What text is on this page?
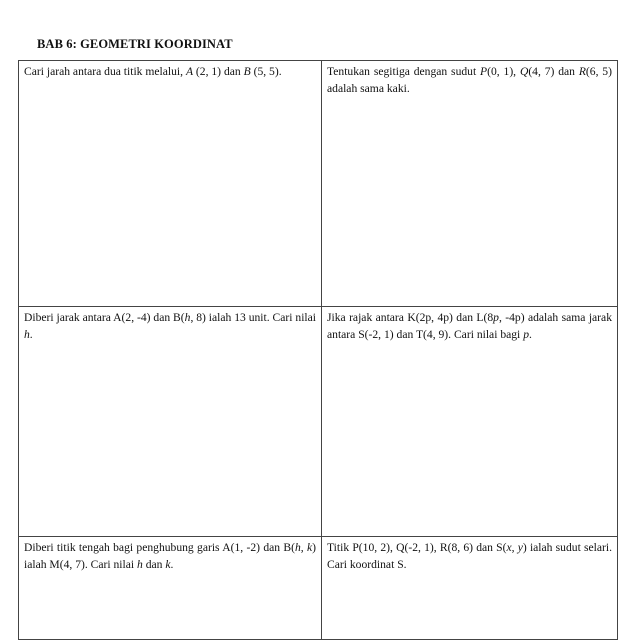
BAB 6: GEOMETRI KOORDINAT
Cari jarah antara dua titik melalui, A (2, 1) dan B (5, 5).	Tentukan segitiga dengan sudut P(0, 1), Q(4, 7) dan R(6, 5) adalah sama kaki.

Diberi jarak antara A(2, -4) dan B(h, 8) ialah 13 unit. Cari nilai h.	Jika rajak antara K(2p, 4p) dan L(8p, -4p) adalah sama jarak antara S(-2, 1) dan T(4, 9). Cari nilai bagi p.

Diberi titik tengah bagi penghubung garis A(1, -2) dan B(h, k) ialah M(4, 7). Cari nilai h dan k.	Titik P(10, 2), Q(-2, 1), R(8, 6) dan S(x, y) ialah sudut selari. Cari koordinat S.
